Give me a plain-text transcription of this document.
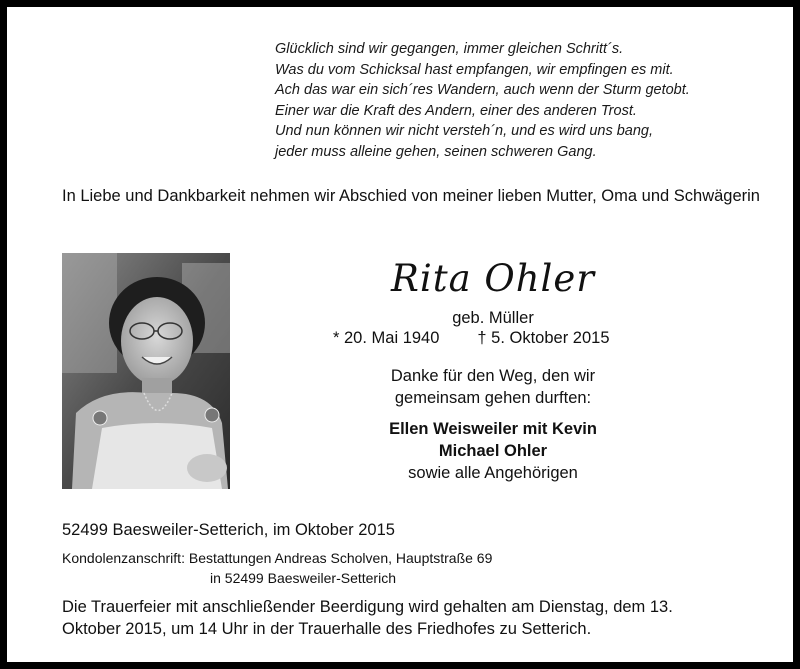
Glücklich sind wir gegangen, immer gleichen Schritt´s.
Was du vom Schicksal hast empfangen, wir empfingen es mit.
Ach das war ein sich´res Wandern, auch wenn der Sturm getobt.
Einer war die Kraft des Andern, einer des anderen Trost.
Und nun können wir nicht versteh´n, und es wird uns bang,
jeder muss alleine gehen, seinen schweren Gang.
In Liebe und Dankbarkeit nehmen wir Abschied von meiner lieben Mutter, Oma und Schwägerin
Rita Ohler
geb. Müller
* 20. Mai 1940 † 5. Oktober 2015
Danke für den Weg, den wir
gemeinsam gehen durften:
Ellen Weisweiler mit Kevin
Michael Ohler
sowie alle Angehörigen
52499 Baesweiler-Setterich, im Oktober 2015
Kondolenzanschrift: Bestattungen Andreas Scholven, Hauptstraße 69
in 52499 Baesweiler-Setterich
Die Trauerfeier mit anschließender Beerdigung wird gehalten am Dienstag, dem 13.
Oktober 2015, um 14 Uhr in der Trauerhalle des Friedhofes zu Setterich.
